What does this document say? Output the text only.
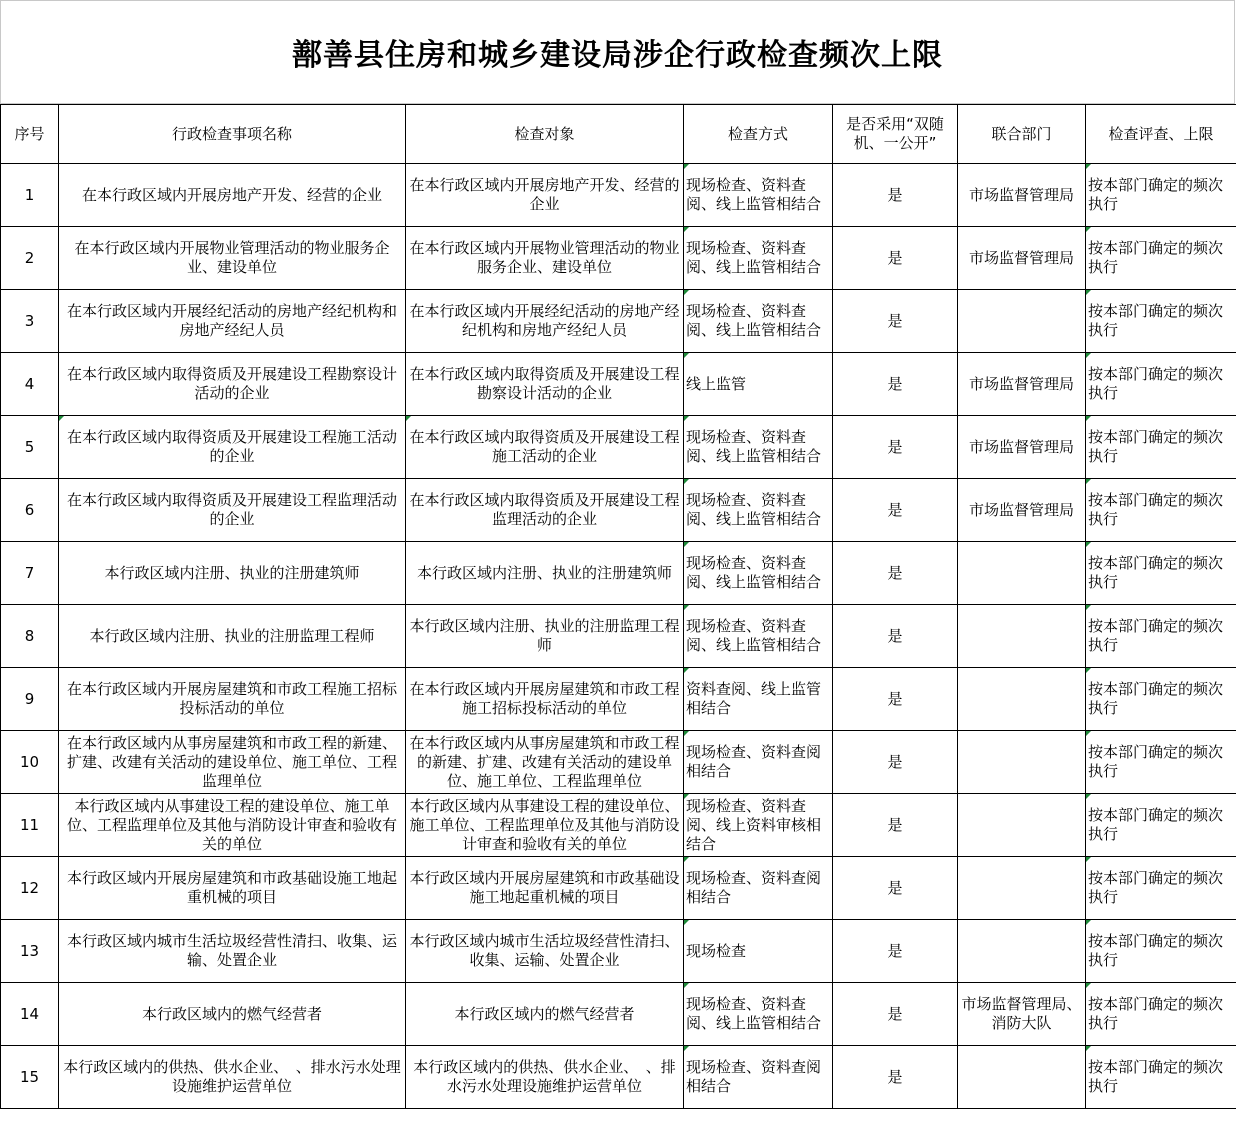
鄯善县住房和城乡建设局涉企行政检查频次上限
序号	行政检查事项名称	检查对象	检查方式	是否采用“双随机、一公开”	联合部门	检查评查、上限
1	在本行政区域内开展房地产开发、经营的企业	在本行政区域内开展房地产开发、经营的企业	现场检查、资料查阅、线上监管相结合	是	市场监督管理局	按本部门确定的频次执行

2	在本行政区域内开展物业管理活动的物业服务企业、建设单位	在本行政区域内开展物业管理活动的物业服务企业、建设单位	现场检查、资料查阅、线上监管相结合	是	市场监督管理局	按本部门确定的频次执行

3	在本行政区域内开展经纪活动的房地产经纪机构和房地产经纪人员	在本行政区域内开展经纪活动的房地产经纪机构和房地产经纪人员	现场检查、资料查阅、线上监管相结合	是		按本部门确定的频次执行

4	在本行政区域内取得资质及开展建设工程勘察设计活动的企业	在本行政区域内取得资质及开展建设工程勘察设计活动的企业	线上监管	是	市场监督管理局	按本部门确定的频次执行

5	在本行政区域内取得资质及开展建设工程施工活动的企业	在本行政区域内取得资质及开展建设工程施工活动的企业	现场检查、资料查阅、线上监管相结合	是	市场监督管理局	按本部门确定的频次执行

6	在本行政区域内取得资质及开展建设工程监理活动的企业	在本行政区域内取得资质及开展建设工程监理活动的企业	现场检查、资料查阅、线上监管相结合	是	市场监督管理局	按本部门确定的频次执行

7	本行政区域内注册、执业的注册建筑师	本行政区域内注册、执业的注册建筑师	现场检查、资料查阅、线上监管相结合	是		按本部门确定的频次执行

8	本行政区域内注册、执业的注册监理工程师	本行政区域内注册、执业的注册监理工程师	现场检查、资料查阅、线上监管相结合	是		按本部门确定的频次执行

9	在本行政区域内开展房屋建筑和市政工程施工招标投标活动的单位	在本行政区域内开展房屋建筑和市政工程施工招标投标活动的单位	资料查阅、线上监管相结合	是		按本部门确定的频次执行

10	在本行政区域内从事房屋建筑和市政工程的新建、扩建、改建有关活动的建设单位、施工单位、工程监理单位	在本行政区域内从事房屋建筑和市政工程的新建、扩建、改建有关活动的建设单位、施工单位、工程监理单位	现场检查、资料查阅相结合	是		按本部门确定的频次执行

11	本行政区域内从事建设工程的建设单位、施工单位、工程监理单位及其他与消防设计审查和验收有关的单位	本行政区域内从事建设工程的建设单位、施工单位、工程监理单位及其他与消防设计审查和验收有关的单位	现场检查、资料查阅、线上资料审核相结合	是		按本部门确定的频次执行

12	本行政区域内开展房屋建筑和市政基础设施工地起重机械的项目	本行政区域内开展房屋建筑和市政基础设施工地起重机械的项目	现场检查、资料查阅相结合	是		按本部门确定的频次执行

13	本行政区域内城市生活垃圾经营性清扫、收集、运输、处置企业	本行政区域内城市生活垃圾经营性清扫、收集、运输、处置企业	现场检查	是		按本部门确定的频次执行

14	本行政区域内的燃气经营者	本行政区域内的燃气经营者	现场检查、资料查阅、线上监管相结合	是	市场监督管理局、消防大队	按本部门确定的频次执行

15	本行政区域内的供热、供水企业、　、排水污水处理设施维护运营单位	本行政区域内的供热、供水企业、　、排水污水处理设施维护运营单位	现场检查、资料查阅相结合	是		按本部门确定的频次执行
